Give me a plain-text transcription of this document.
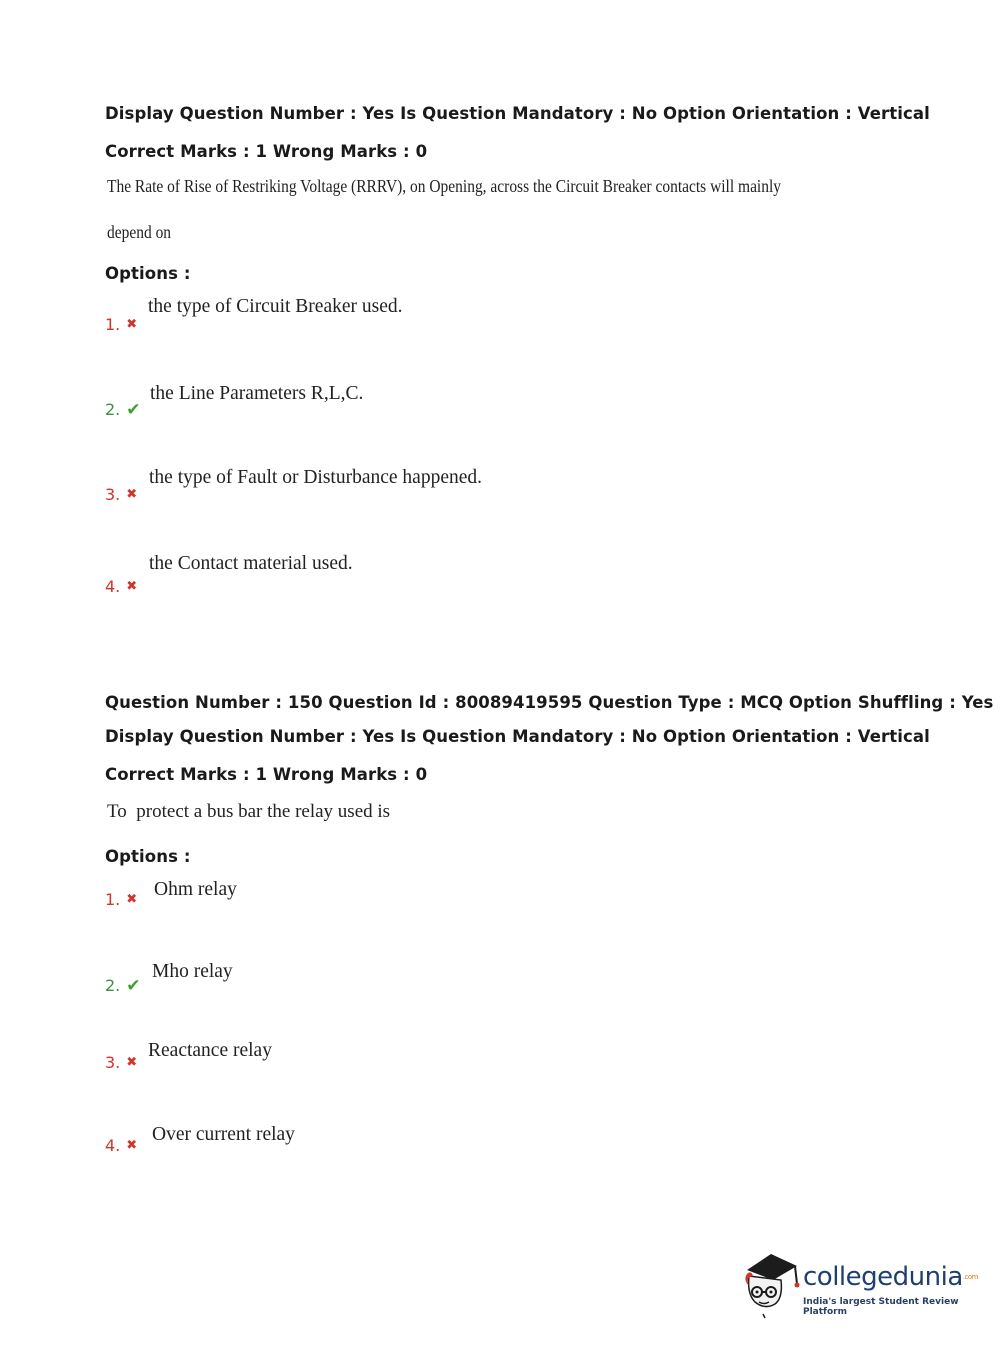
Display Question Number : Yes Is Question Mandatory : No Option Orientation : Vertical
Correct Marks : 1 Wrong Marks : 0
The Rate of Rise of Restriking Voltage (RRRV), on Opening, across the Circuit Breaker contacts will mainly
depend on
Options :
1. ✖
the type of Circuit Breaker used.
2. ✔
the Line Parameters R,L,C.
3. ✖
the type of Fault or Disturbance happened.
4. ✖
the Contact material used.
Question Number : 150 Question Id : 80089419595 Question Type : MCQ Option Shuffling : Yes
Display Question Number : Yes Is Question Mandatory : No Option Orientation : Vertical
Correct Marks : 1 Wrong Marks : 0
To  protect a bus bar the relay used is
Options :
1. ✖ Ohm relay
2. ✔
Mho relay
3. ✖
Reactance relay
4. ✖
Over current relay
collegedunia$^{.com}$
India's largest Student Review Platform
